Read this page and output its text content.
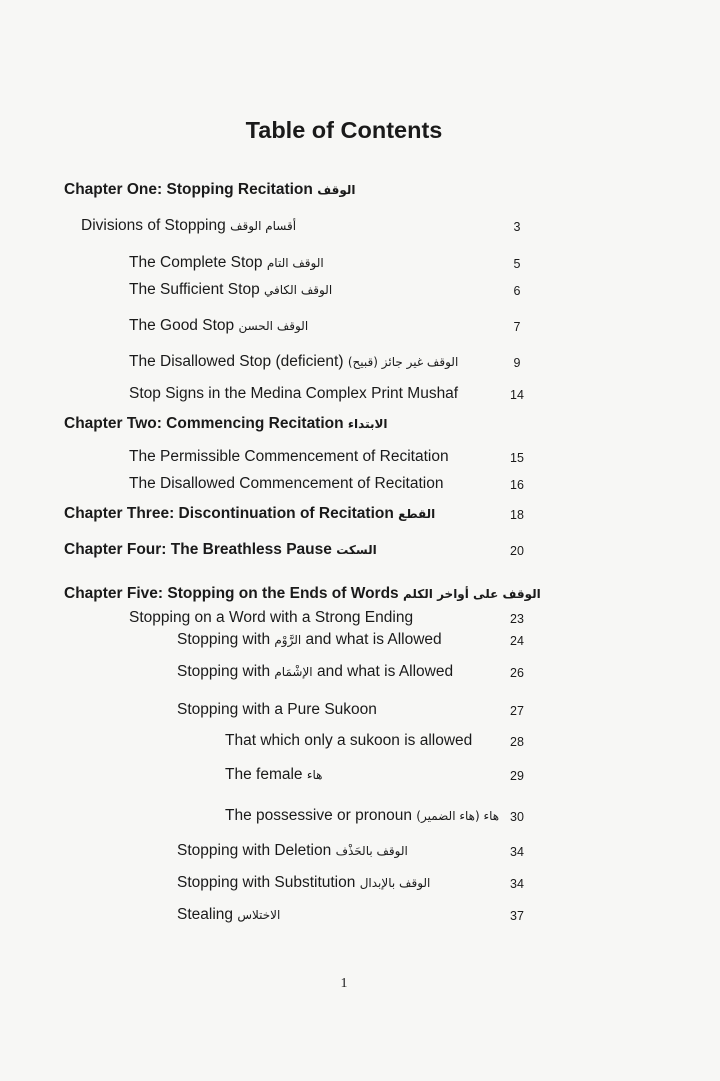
Table of Contents
Chapter One: Stopping Recitation الوقف
Divisions of Stopping أقسام الوقف	3
The Complete Stop الوقف التام	5
The Sufficient Stop الوقف الكافي	6
The Good Stop الوقف الحسن	7
The Disallowed Stop (deficient) الوقف غير جائز (قبيح)	9
Stop Signs in the Medina Complex Print Mushaf	14
Chapter Two: Commencing Recitation الابتداء
The Permissible Commencement of Recitation	15
The Disallowed Commencement of Recitation	16
Chapter Three: Discontinuation of Recitation القطع	18
Chapter Four: The Breathless Pause السكت	20
Chapter Five: Stopping on the Ends of Words الوقف على أواخر الكلم
Stopping on a Word with a Strong Ending	23
Stopping with الرَّوْم and what is Allowed	24
Stopping with الإشْمَام and what is Allowed	26
Stopping with a Pure Sukoon	27
That which only a sukoon is allowed	28
The female هاء	29
The possessive or pronoun هاء (هاء الضمير) 30
Stopping with Deletion الوقف بالحَذْف	34
Stopping with Substitution الوقف بالإبدال	34
Stealing الاختلاس	37
1
